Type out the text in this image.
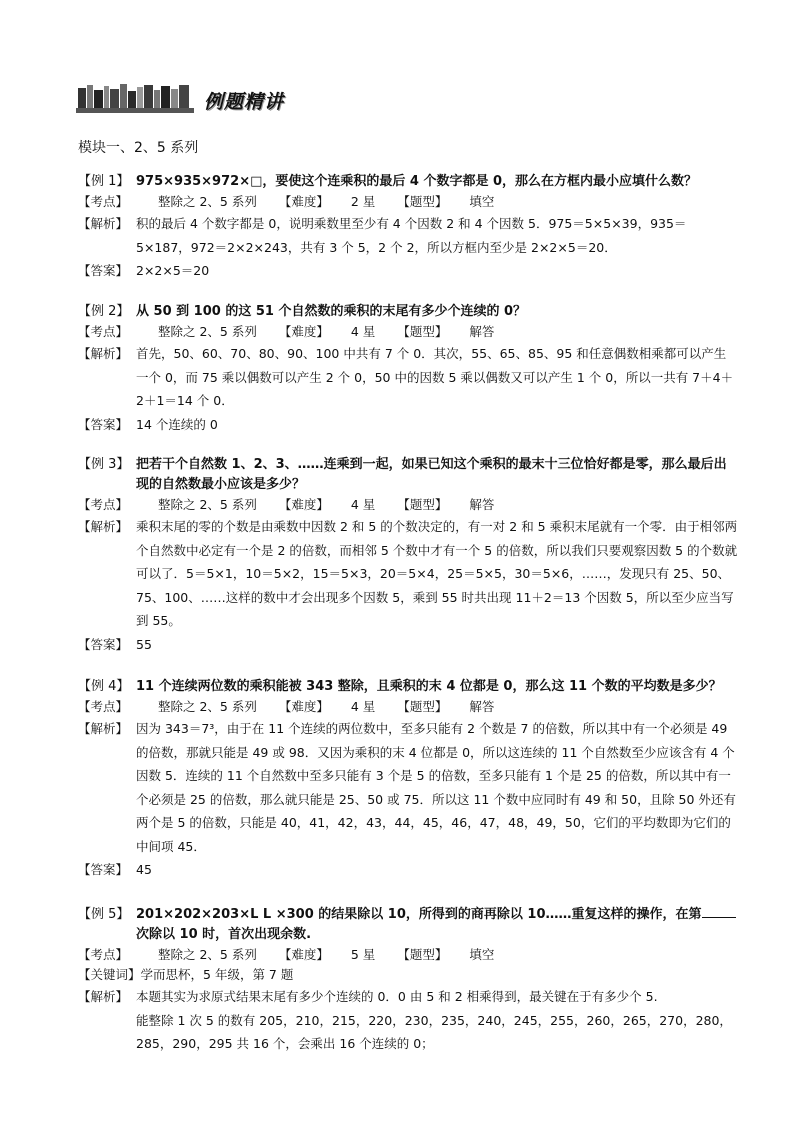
例题精讲
模块一、2、5 系列
【例 1】 975×935×972×□，要使这个连乘积的最后 4 个数字都是 0，那么在方框内最小应填什么数？
【考点】	整除之 2、5 系列 【难度】 2 星 【题型】 填空
【解析】 积的最后 4 个数字都是 0，说明乘数里至少有 4 个因数 2 和 4 个因数 5．975＝5×5×39，935＝5×187，972＝2×2×243，共有 3 个 5，2 个 2，所以方框内至少是 2×2×5＝20．
【答案】 2×2×5＝20
【例 2】 从 50 到 100 的这 51 个自然数的乘积的末尾有多少个连续的 0？
【考点】	整除之 2、5 系列 【难度】 4 星 【题型】 解答
【解析】 首先，50、60、70、80、90、100 中共有 7 个 0．其次，55、65、85、95 和任意偶数相乘都可以产生一个 0，而 75 乘以偶数可以产生 2 个 0，50 中的因数 5 乘以偶数又可以产生 1 个 0，所以一共有 7＋4＋2＋1＝14 个 0．
【答案】 14 个连续的 0
【例 3】 把若干个自然数 1、2、3、……连乘到一起，如果已知这个乘积的最末十三位恰好都是零，那么最后出现的自然数最小应该是多少？
【考点】	整除之 2、5 系列 【难度】 4 星 【题型】 解答
【解析】 乘积末尾的零的个数是由乘数中因数 2 和 5 的个数决定的，有一对 2 和 5 乘积末尾就有一个零．由于相邻两个自然数中必定有一个是 2 的倍数，而相邻 5 个数中才有一个 5 的倍数，所以我们只要观察因数 5 的个数就可以了．5＝5×1，10＝5×2，15＝5×3，20＝5×4，25＝5×5，30＝5×6，……，发现只有 25、50、75、100、……这样的数中才会出现多个因数 5，乘到 55 时共出现 11＋2＝13 个因数 5，所以至少应当写到 55。
【答案】 55
【例 4】 11 个连续两位数的乘积能被 343 整除，且乘积的末 4 位都是 0，那么这 11 个数的平均数是多少？
【考点】	整除之 2、5 系列 【难度】 4 星 【题型】 解答
【解析】 因为 343＝7³，由于在 11 个连续的两位数中，至多只能有 2 个数是 7 的倍数，所以其中有一个必须是 49 的倍数，那就只能是 49 或 98．又因为乘积的末 4 位都是 0，所以这连续的 11 个自然数至少应该含有 4 个因数 5．连续的 11 个自然数中至多只能有 3 个是 5 的倍数，至多只能有 1 个是 25 的倍数，所以其中有一个必须是 25 的倍数，那么就只能是 25、50 或 75．所以这 11 个数中应同时有 49 和 50，且除 50 外还有两个是 5 的倍数，只能是 40，41，42，43，44，45，46，47，48，49，50，它们的平均数即为它们的中间项 45．
【答案】 45
【例 5】 201×202×203×L L ×300 的结果除以 10，所得到的商再除以 10……重复这样的操作，在第次除以 10 时，首次出现余数.
【考点】	整除之 2、5 系列 【难度】 5 星 【题型】 填空
【关键词】 学而思杯，5 年级，第 7 题
【解析】 本题其实为求原式结果末尾有多少个连续的 0．0 由 5 和 2 相乘得到，最关键在于有多少个 5.
能整除 1 次 5 的数有 205，210，215，220，230，235，240，245，255，260，265，270，280，285，290，295 共 16 个，会乘出 16 个连续的 0；
